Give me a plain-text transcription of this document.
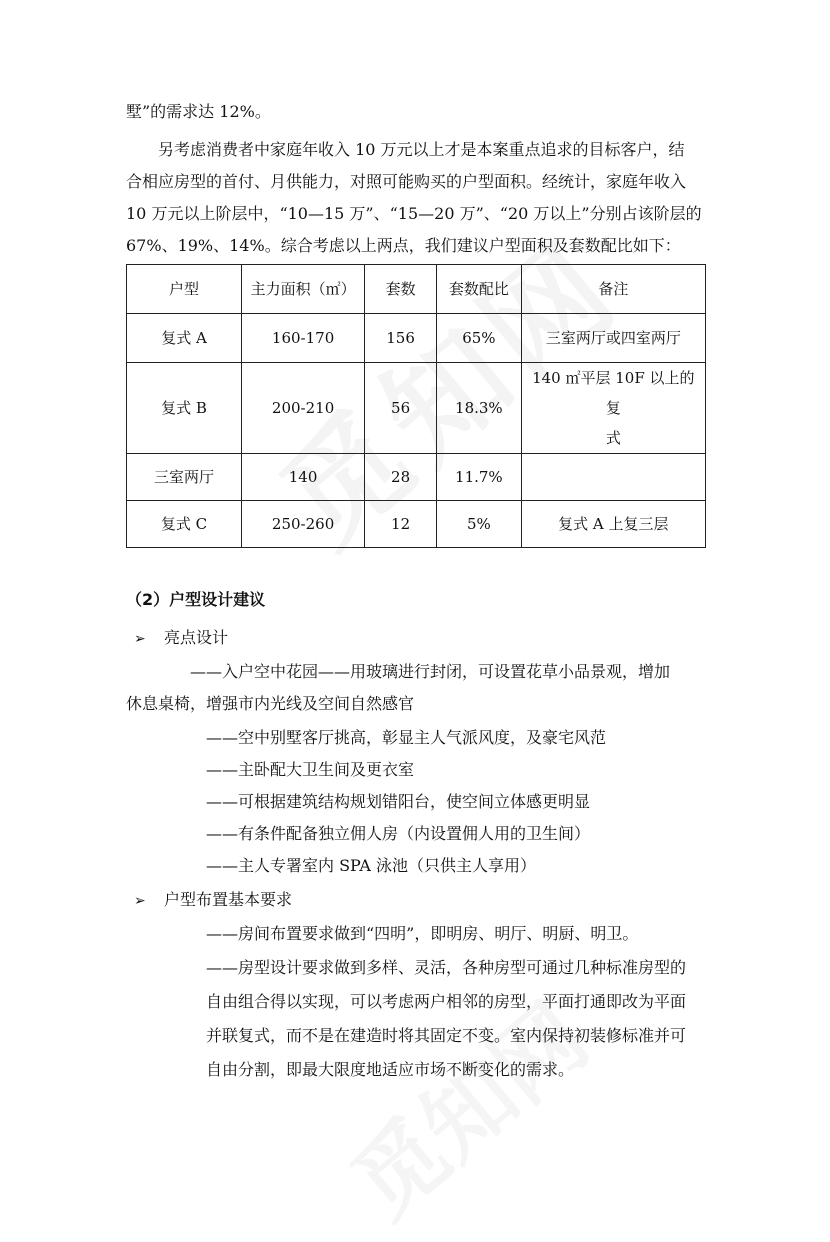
墅”的需求达 12%。
另考虑消费者中家庭年收入 10 万元以上才是本案重点追求的目标客户，结
合相应房型的首付、月供能力，对照可能购买的户型面积。经统计，家庭年收入
10 万元以上阶层中，“10—15 万”、“15—20 万”、“20 万以上”分别占该阶层的
67%、19%、14%。综合考虑以上两点，我们建议户型面积及套数配比如下：
户型	主力面积（㎡）	套数	套数配比	备注
复式 A	160-170	156	65%	三室两厅或四室两厅
复式 B	200-210	56	18.3%	140 ㎡平层 10F 以上的复
式

三室两厅	140	28	11.7%	
复式 C	250-260	12	5%	复式 A 上复三层
（2）户型设计建议
➢ 亮点设计
——入户空中花园——用玻璃进行封闭，可设置花草小品景观，增加
休息桌椅，增强市内光线及空间自然感官
——空中别墅客厅挑高，彰显主人气派风度，及豪宅风范
——主卧配大卫生间及更衣室
——可根据建筑结构规划错阳台，使空间立体感更明显
——有条件配备独立佣人房（内设置佣人用的卫生间）
——主人专署室内 SPA 泳池（只供主人享用）
➢ 户型布置基本要求
——房间布置要求做到“四明”，即明房、明厅、明厨、明卫。
——房型设计要求做到多样、灵活，各种房型可通过几种标准房型的
自由组合得以实现，可以考虑两户相邻的房型，平面打通即改为平面
并联复式，而不是在建造时将其固定不变。室内保持初装修标准并可
自由分割，即最大限度地适应市场不断变化的需求。
